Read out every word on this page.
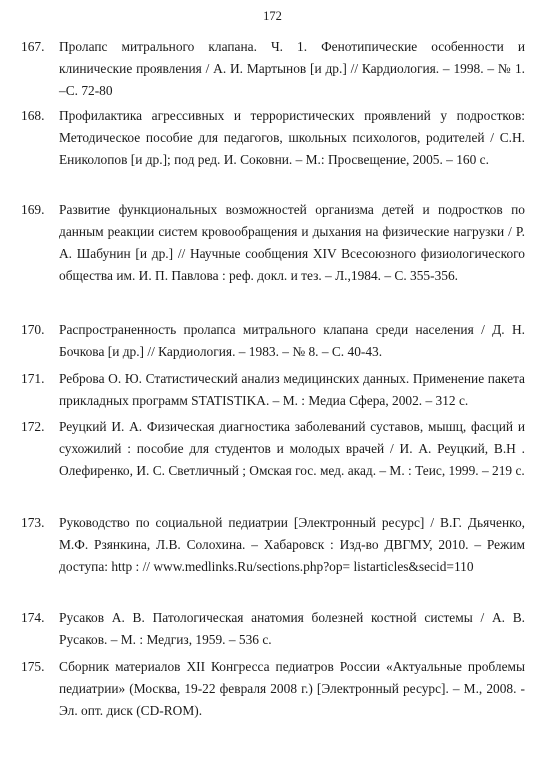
172
167. Пролапс митрального клапана. Ч. 1. Фенотипические особенности и клинические проявления / А. И. Мартынов [и др.] // Кардиология. – 1998. – № 1. –С. 72-80
168. Профилактика агрессивных и террористических проявлений у подростков: Методическое пособие для педагогов, школьных психологов, родителей / С.Н. Ениколопов [и др.]; под ред. И. Соковни. – М.: Просвещение, 2005. – 160 с.
169. Развитие функциональных возможностей организма детей и подростков по данным реакции систем кровообращения и дыхания на физические нагрузки / Р. А. Шабунин [и др.] // Научные сообщения XIV Всесоюзного физиологического общества им. И. П. Павлова : реф. докл. и тез. – Л.,1984. – С. 355-356.
170. Распространенность пролапса митрального клапана среди населения / Д. Н. Бочкова [и др.] // Кардиология. – 1983. – № 8. – С. 40-43.
171. Реброва О. Ю. Статистический анализ медицинских данных. Применение пакета прикладных программ STATISTIKA. – М. : Медиа Сфера, 2002. – 312 с.
172. Реуцкий И. А. Физическая диагностика заболеваний суставов, мышц, фасций и сухожилий : пособие для студентов и молодых врачей / И. А. Реуцкий, В.Н . Олефиренко, И. С. Светличный ; Омская гос. мед. акад. – М. : Теис, 1999. – 219 с.
173. Руководство по социальной педиатрии [Электронный ресурс] / В.Г. Дьяченко, М.Ф. Рзянкина, Л.В. Солохина. – Хабаровск : Изд-во ДВГМУ, 2010. – Режим доступа: http : // www.medlinks.Ru/sections.php?op= listarticles&secid=110
174. Русаков А. В. Патологическая анатомия болезней костной системы / А. В. Русаков. – М. : Медгиз, 1959. – 536 с.
175. Сборник материалов XII Конгресса педиатров России «Актуальные проблемы педиатрии» (Москва, 19-22 февраля 2008 г.) [Электронный ресурс]. – М., 2008. - Эл. опт. диск (CD-ROM).
